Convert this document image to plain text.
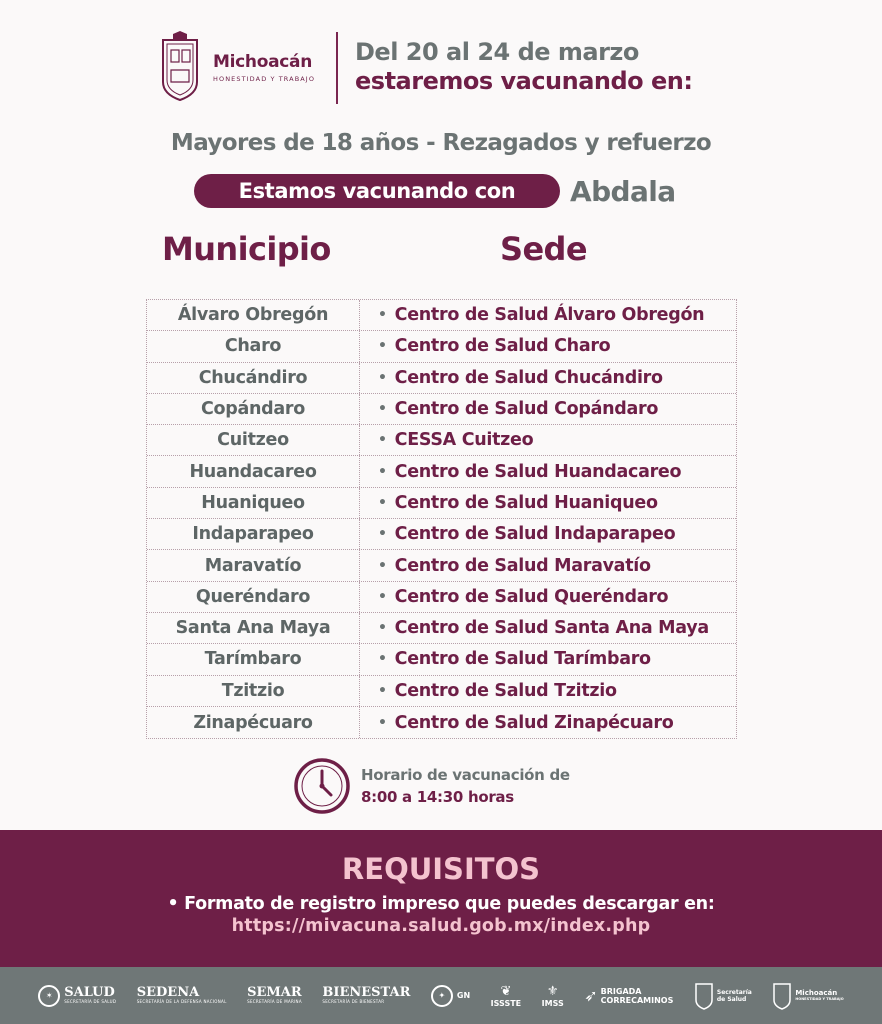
Michoacán
HONESTIDAD Y TRABAJO
Del 20 al 24 de marzo
estaremos vacunando en:
Mayores de 18 años - Rezagados y refuerzo
Estamos vacunando con	Abdala
Municipio	Sede
Álvaro Obregón	• Centro de Salud Álvaro Obregón
Charo	• Centro de Salud Charo
Chucándiro	• Centro de Salud Chucándiro
Copándaro	• Centro de Salud Copándaro
Cuitzeo	• CESSA Cuitzeo
Huandacareo	• Centro de Salud Huandacareo
Huaniqueo	• Centro de Salud Huaniqueo
Indaparapeo	• Centro de Salud Indaparapeo
Maravatío	• Centro de Salud Maravatío
Queréndaro	• Centro de Salud Queréndaro
Santa Ana Maya	• Centro de Salud Santa Ana Maya
Tarímbaro	• Centro de Salud Tarímbaro
Tzitzio	• Centro de Salud Tzitzio
Zinapécuaro	• Centro de Salud Zinapécuaro
Horario de vacunación de
8:00 a 14:30 horas
REQUISITOS
• Formato de registro impreso que puedes descargar en:
https://mivacuna.salud.gob.mx/index.php
✶ SALUD
SECRETARÍA DE SALUD
SEDENA
SECRETARÍA DE LA DEFENSA NACIONAL
SEMAR
SECRETARÍA DE MARINA
BIENESTAR
SECRETARÍA DE BIENESTAR
✦	GN ❦
ISSSTE
⚜
IMSS ➶ BRIGADA
CORRECAMINOS
Secretaría
de Salud
Michoacán
HONESTIDAD Y TRABAJO
